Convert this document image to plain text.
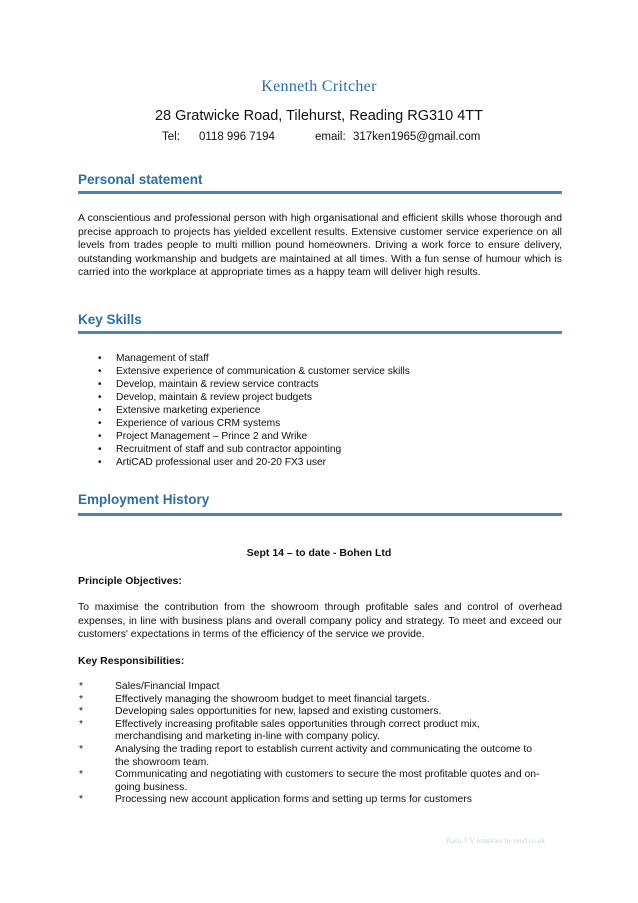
Kenneth Critcher
28 Gratwicke Road, Tilehurst, Reading RG310 4TT
Tel: 0118 996 7194	email: 317ken1965@gmail.com
Personal statement
A conscientious and professional person with high organisational and efficient skills whose thorough and precise approach to projects has yielded excellent results. Extensive customer service experience on all levels from trades people to multi million pound homeowners. Driving a work force to ensure delivery, outstanding workmanship and budgets are maintained at all times. With a fun sense of humour which is carried into the workplace at appropriate times as a happy team will deliver high results.
Key Skills
• Management of staff
• Extensive experience of communication & customer service skills
• Develop, maintain & review service contracts
• Develop, maintain & review project budgets
• Extensive marketing experience
• Experience of various CRM systems
• Project Management – Prince 2 and Wrike
• Recruitment of staff and sub contractor appointing
• ArtiCAD professional user and 20-20 FX3 user
Employment History
Sept 14 – to date - Bohen Ltd
Principle Objectives:
To maximise the contribution from the showroom through profitable sales and control of overhead expenses, in line with business plans and overall company policy and strategy. To meet and exceed our customers' expectations in terms of the efficiency of the service we provide.
Key Responsibilities:
*	Sales/Financial Impact
*	Effectively managing the showroom budget to meet financial targets.
*	Developing sales opportunities for new, lapsed and existing customers.
*	Effectively increasing profitable sales opportunities through correct product mix,
merchandising and marketing in-line with company policy.
*	Analysing the trading report to establish current activity and communicating the outcome to
the showroom team.
*	Communicating and negotiating with customers to secure the most profitable quotes and on-
going business.
*	Processing new account application forms and setting up terms for customers
Basic CV template by reed.co.uk
